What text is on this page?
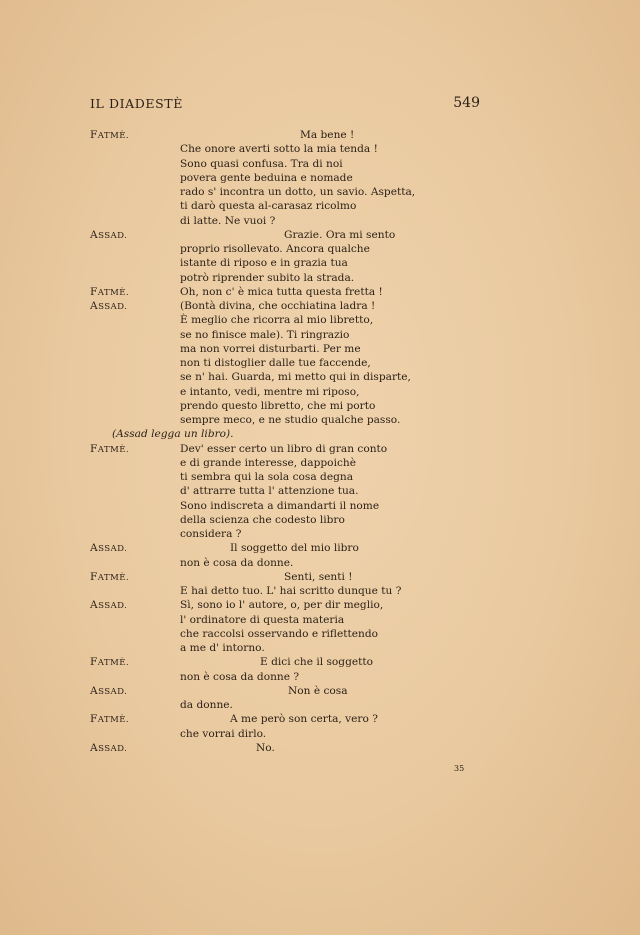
IL DIADESTÈ	549
FATMÈ.	Ma bene !
Che onore averti sotto la mia tenda !
Sono quasi confusa. Tra di noi
povera gente beduina e nomade
rado s' incontra un dotto, un savio. Aspetta,
ti darò questa al-carasaz ricolmo
di latte. Ne vuoi ?
ASSAD.	Grazie. Ora mi sento
proprio risollevato. Ancora qualche
istante di riposo e in grazia tua
potrò riprender subito la strada.
FATMÈ.	Oh, non c' è mica tutta questa fretta !
ASSAD.	(Bontà divina, che occhiatina ladra !
È meglio che ricorra al mio libretto,
se no finisce male). Ti ringrazio
ma non vorrei disturbarti. Per me
non ti distoglier dalle tue faccende,
se n' hai. Guarda, mi metto qui in disparte,
e intanto, vedi, mentre mi riposo,
prendo questo libretto, che mi porto
sempre meco, e ne studio qualche passo.
(Assad legga un libro).
FATMÈ.	Dev' esser certo un libro di gran conto
e di grande interesse, dappoichè
ti sembra qui la sola cosa degna
d' attrarre tutta l' attenzione tua.
Sono indiscreta a dimandarti il nome
della scienza che codesto libro
considera ?
ASSAD.	Il soggetto del mio libro
non è cosa da donne.
FATMÈ.	Senti, senti !
E hai detto tuo. L' hai scritto dunque tu ?
ASSAD.	Sì, sono io l' autore, o, per dir meglio,
l' ordinatore di questa materia
che raccolsi osservando e riflettendo
a me d' intorno.
FATMÈ.	E dici che il soggetto
non è cosa da donne ?
ASSAD.	Non è cosa
da donne.
FATMÈ.	A me però son certa, vero ?
che vorrai dirlo.
ASSAD.	No.
35
